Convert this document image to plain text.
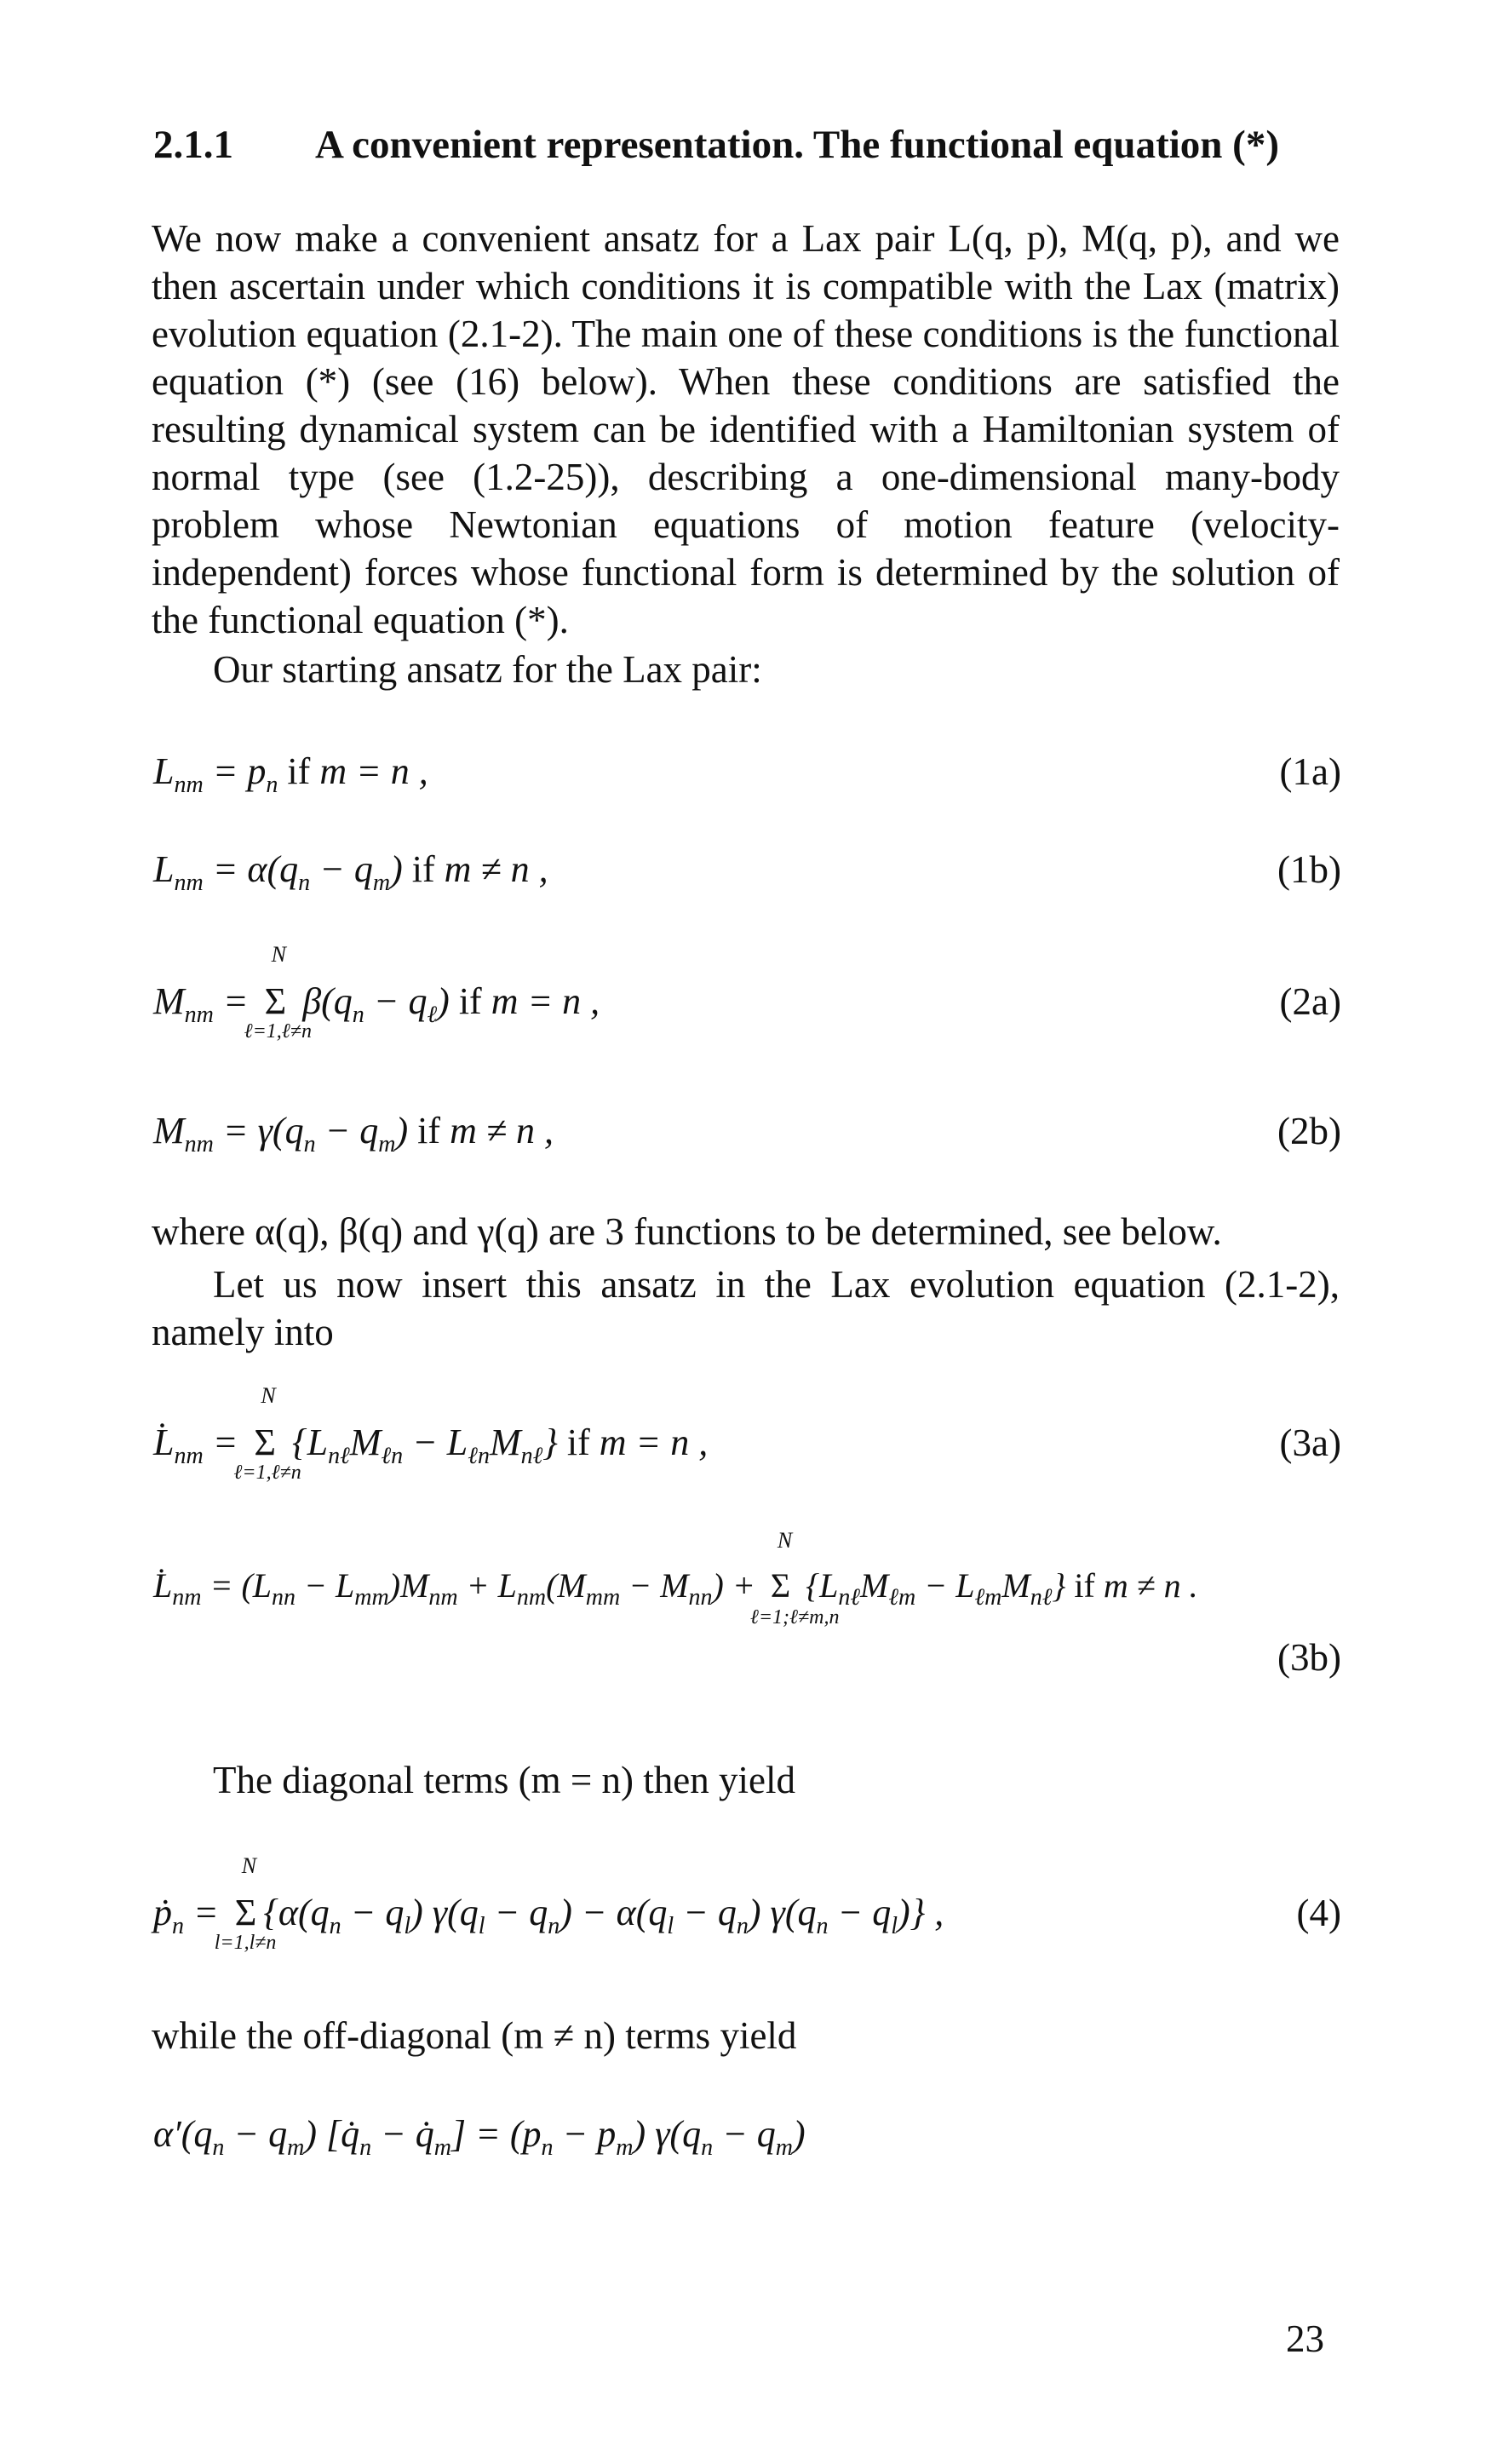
2.1.1 A convenient representation. The functional equation (*)

We now make a convenient ansatz for a Lax pair L(q, p), M(q, p), and we then ascertain under which conditions it is compatible with the Lax (matrix) evolution equation (2.1-2). The main one of these conditions is the functional equation (*) (see (16) below). When these conditions are satisfied the resulting dynamical system can be identified with a Hamiltonian system of normal type (see (1.2-25)), describing a one-dimensional many-body problem whose Newtonian equations of motion feature (velocity-independent) forces whose functional form is determined by the solution of the functional equation (*).

Our starting ansatz for the Lax pair:

$L_{nm} = p_n$ if m = n ,	(1a)
$L_{nm} = \alpha(q_n - q_m)$ if m ≠ n ,	(1b)
$M_{nm} = \Sigma$
N
ℓ=1,ℓ≠n
$\beta(q_n - q_\ell)$ if m = n ,	(2a)
$M_{nm} = \gamma(q_n - q_m)$ if m ≠ n ,	(2b)

where α(q), β(q) and γ(q) are 3 functions to be determined, see below.

Let us now insert this ansatz in the Lax evolution equation (2.1-2), namely into

$L̇_{nm} = \Sigma$
N
ℓ=1,ℓ≠n
$\{L_{n\ell}M_{\ell n} - L_{\ell n}M_{n\ell}\}$ if m = n ,	(3a)
$L̇_{nm} = (L_{nn} - L_{mm})M_{nm} + L_{nm}(M_{mm} - M_{nn}) + \Sigma$
N
ℓ=1;ℓ≠m,n
$\{L_{n\ell}M_{\ell m} - L_{\ell m}M_{n\ell}\}$ if m ≠ n .
(3b)

The diagonal terms (m = n) then yield

ṗ$_n$ = Σ
N
l=1,l≠n
$\{\alpha(q_n - q_l) \gamma(q_l - q_n) - \alpha(q_l - q_n) \gamma(q_n - q_l)\}$ ,	(4)

while the off-diagonal (m ≠ n) terms yield

$\alpha'(q_n - q_m)$ [$q̇_n$ − $q̇_m] = (p_n - p_m) \gamma(q_n - q_m)$
23
